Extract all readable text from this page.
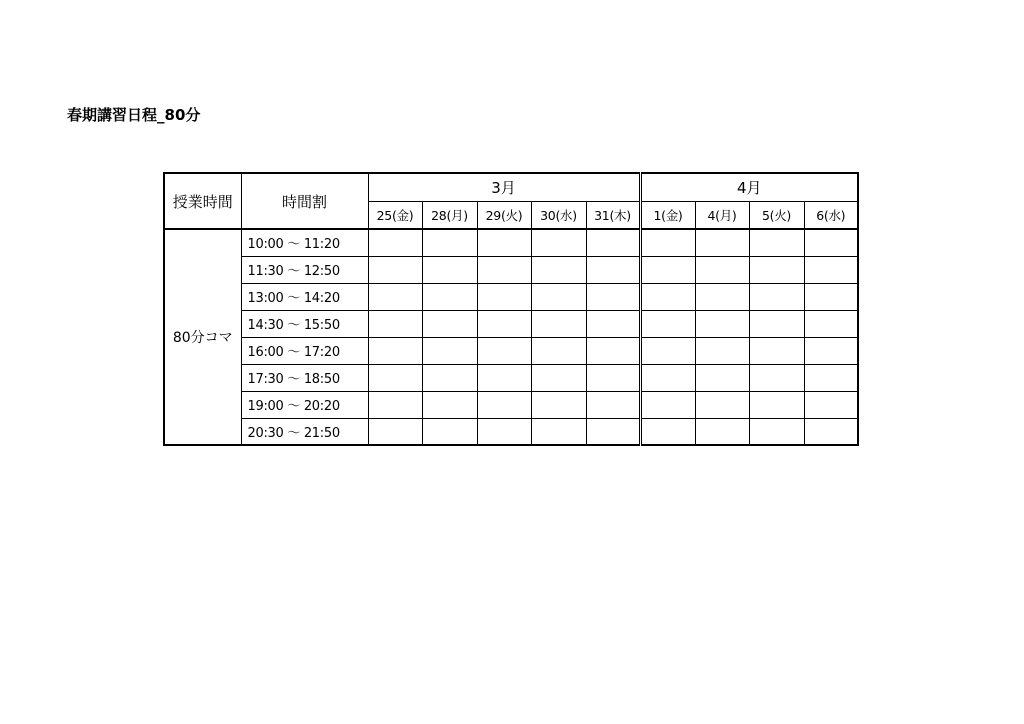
春期講習日程_80分
授業時間	時間割	3月					4月			
		25(金)	28(月)	29(火)	30(水)	31(木)	1(金)	4(月)	5(火)	6(水)
80分コマ	10:00 ～ 11:20									
	11:30 ～ 12:50									
	13:00 ～ 14:20									
	14:30 ～ 15:50									
	16:00 ～ 17:20									
	17:30 ～ 18:50									
	19:00 ～ 20:20									
	20:30 ～ 21:50									
